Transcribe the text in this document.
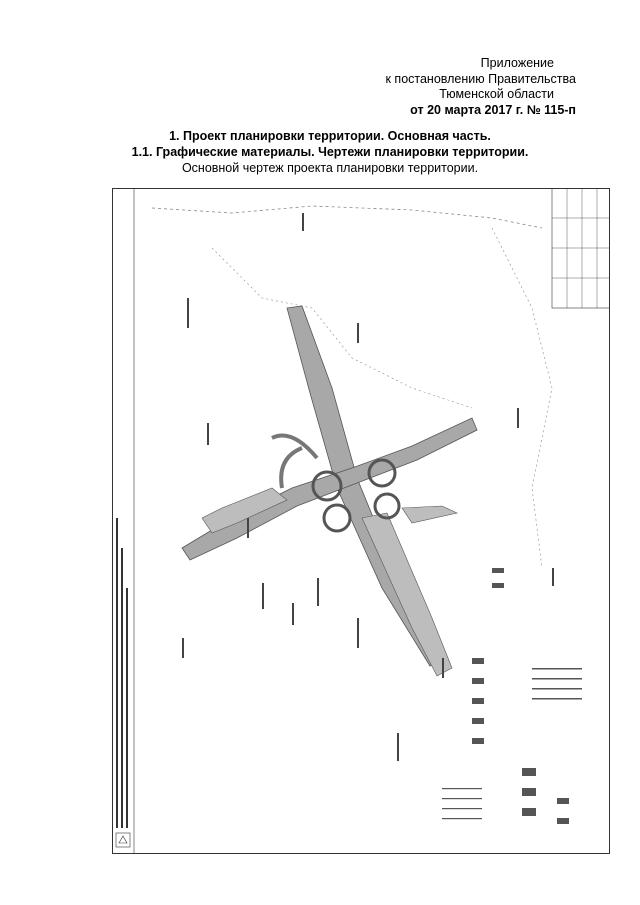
Приложение
к постановлению Правительства
Тюменской области
от 20 марта 2017 г. № 115-п
1. Проект планировки территории. Основная часть.
1.1. Графические материалы. Чертежи планировки территории.
Основной чертеж проекта планировки территории.
